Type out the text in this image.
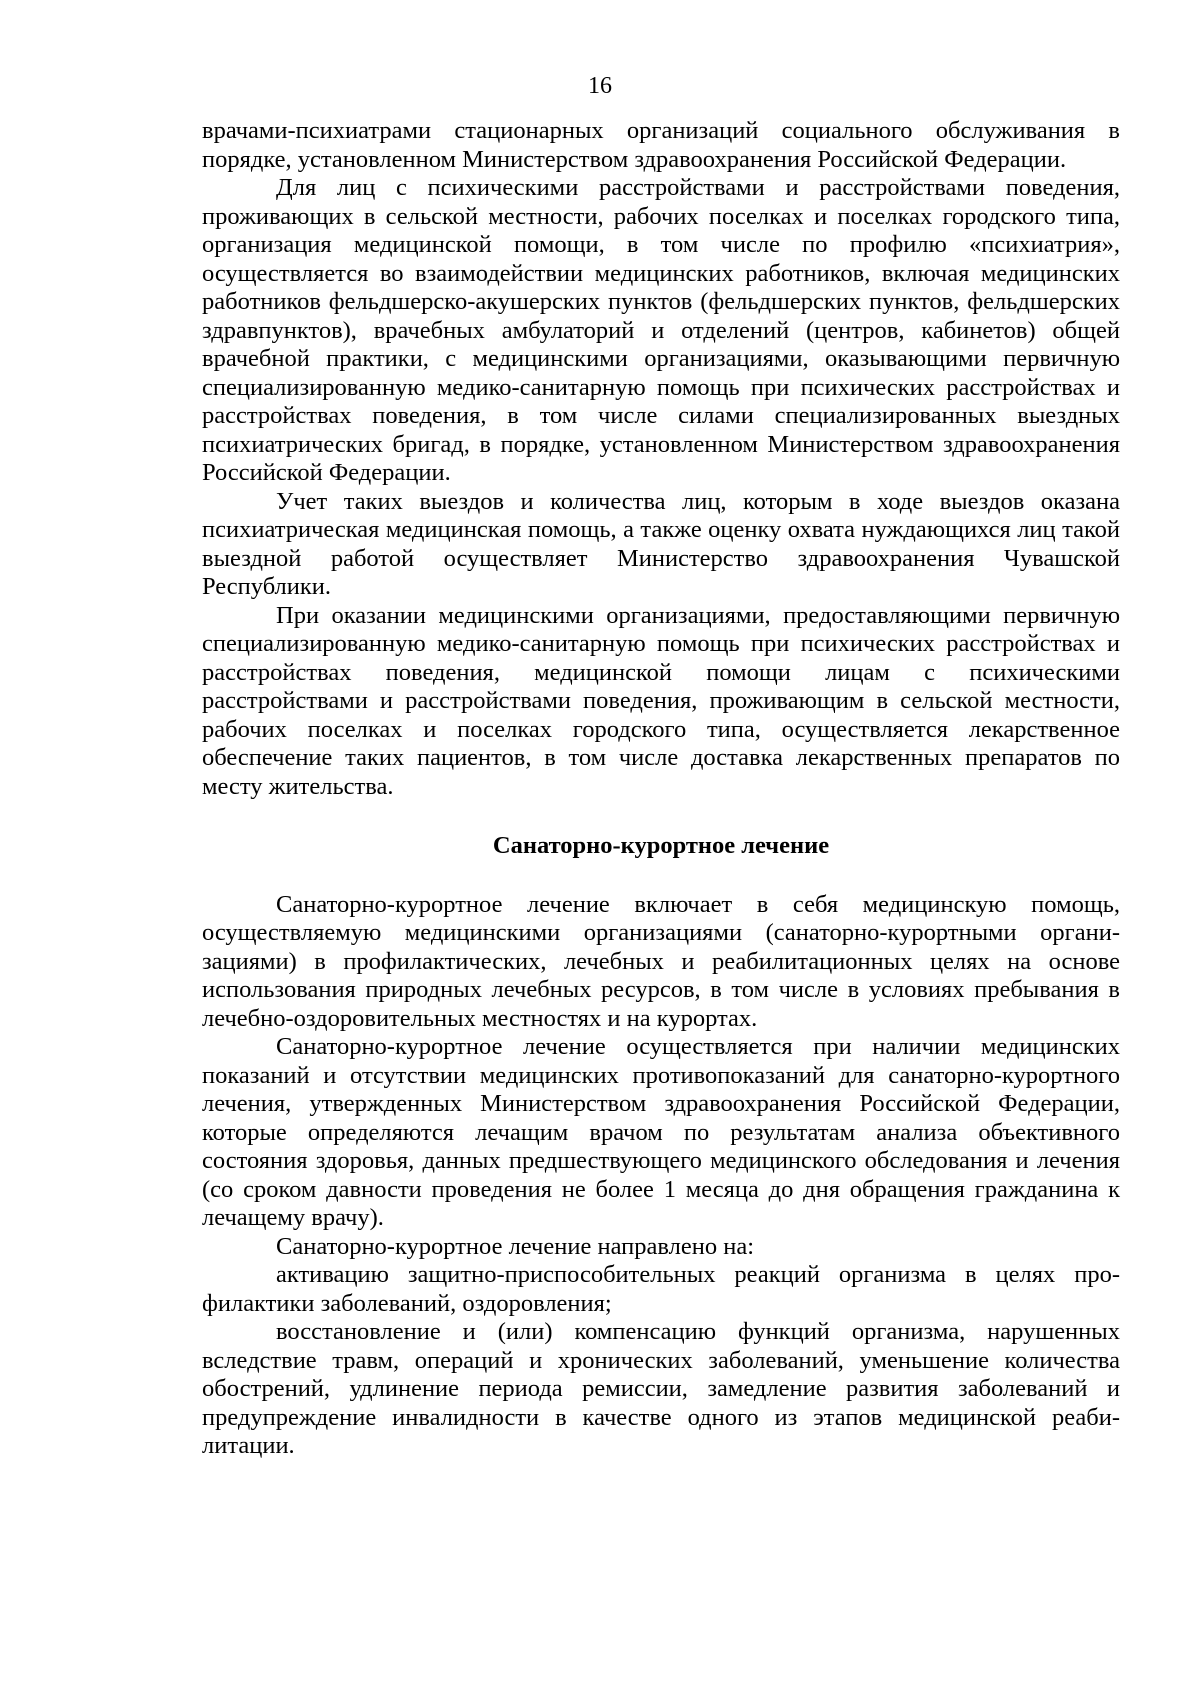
16

врачами-психиатрами стационарных организаций социального обслуживания в порядке, установленном Министерством здравоохранения Российской Федерации.

Для лиц с психическими расстройствами и расстройствами поведения, проживающих в сельской местности, рабочих поселках и поселках городского типа, организация медицинской помощи, в том числе по профилю «психиатрия», осуществляется во взаимодействии медицинских работников, включая медицинских работников фельдшерско-акушерских пунктов (фельдшерских пунктов, фельдшерских здравпунктов), врачебных амбулаторий и отделений (центров, кабинетов) общей врачебной практики, с медицинскими организациями, оказывающими первичную специализированную медико-санитарную помощь при психических расстройствах и расстройствах поведения, в том числе силами специализированных выездных психиатрических бригад, в порядке, установленном Министерством здравоохранения Российской Федерации.

Учет таких выездов и количества лиц, которым в ходе выездов оказана психиатрическая медицинская помощь, а также оценку охвата нуждающихся лиц такой выездной работой осуществляет Министерство здравоохранения Чувашской Республики.

При оказании медицинскими организациями, предоставляющими первичную специализированную медико-санитарную помощь при психических расстройствах и расстройствах поведения, медицинской помощи лицам с психическими расстройствами и расстройствами поведения, проживающим в сельской местности, рабочих поселках и поселках городского типа, осуществляется лекарственное обеспечение таких пациентов, в том числе доставка лекарственных препаратов по месту жительства.

Санаторно-курортное лечение

Санаторно-курортное лечение включает в себя медицинскую помощь, осуществляемую медицинскими организациями (санаторно-курортными организациями) в профилактических, лечебных и реабилитационных целях на основе использования природных лечебных ресурсов, в том числе в условиях пребывания в лечебно-оздоровительных местностях и на курортах.

Санаторно-курортное лечение осуществляется при наличии медицинских показаний и отсутствии медицинских противопоказаний для санаторно-курортного лечения, утвержденных Министерством здравоохранения Российской Федерации, которые определяются лечащим врачом по результатам анализа объективного состояния здоровья, данных предшествующего медицинского обследования и лечения (со сроком давности проведения не более 1 месяца до дня обращения гражданина к лечащему врачу).

Санаторно-курортное лечение направлено на:

активацию защитно-приспособительных реакций организма в целях профилактики заболеваний, оздоровления;

восстановление и (или) компенсацию функций организма, нарушенных вследствие травм, операций и хронических заболеваний, уменьшение количества обострений, удлинение периода ремиссии, замедление развития заболеваний и предупреждение инвалидности в качестве одного из этапов медицинской реабилитации.
